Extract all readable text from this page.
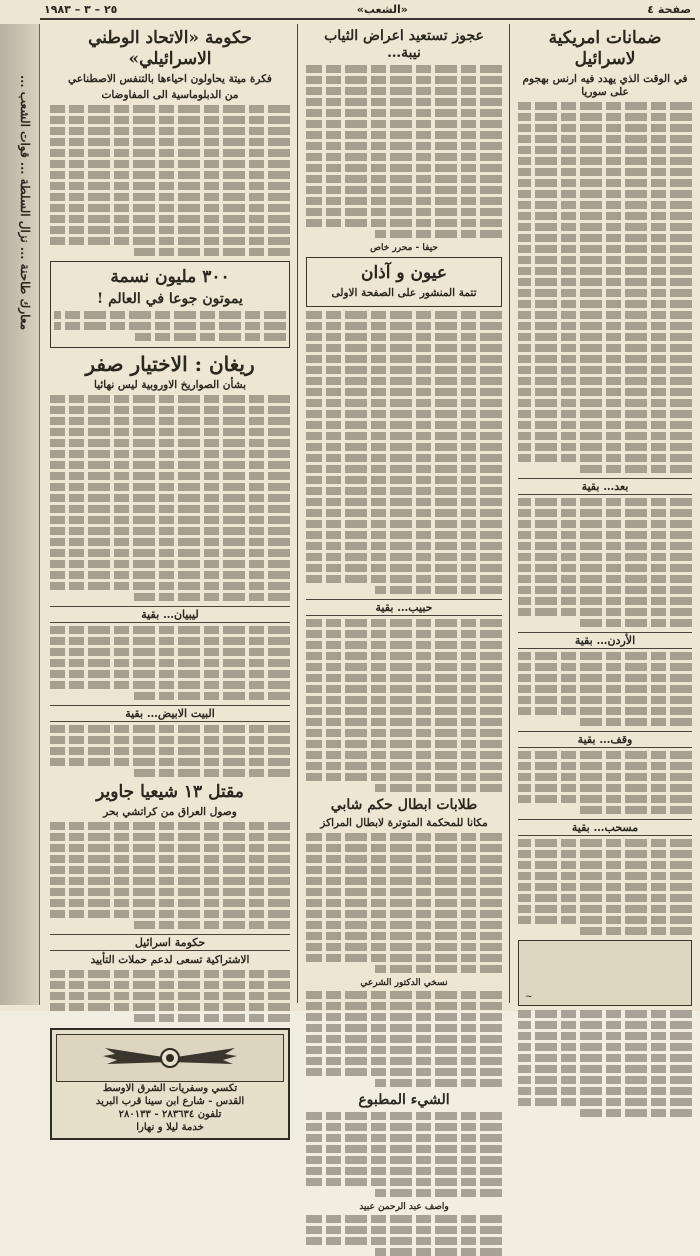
صفحة ٤
«الشعب»
٢٥ – ٣ – ١٩٨٣
معارك طاحنة ... نزال السلطة ... قوات الشعب ...
ضمانات امريكية لاسرائيل
في الوقت الذي يهدد فيه ارنس بهجوم على سوريا
بعد… بقية
الأردن… بقية
وقف… بقية
مسحب… بقية
~
عجوز تستعيد اعراض الثياب نيبة…
حيفا - محرر خاص
عيون و آذان
تتمة المنشور على الصفحة الاولى
حبيب… بقية
طلابات ابطال حكم شابي
مكانا للمحكمة المتوترة لابطال المراكز
نسخي الدكتور الشرعي
الشيء المطبوع
واصف عبد الرحمن عبيد
حكومة «الاتحاد الوطني الاسرائيلي»
فكرة ميتة يحاولون احياءها بالتنفس الاصطناعي
من الدبلوماسية الى المفاوضات
٣٠٠ مليون نسمة
يموتون جوعا في العالم !
ريغان : الاختيار صفر
بشأن الصواريخ الاوروبية ليس نهائيا
ليبيان… بقية
البيت الابيض… بقية
مقتل ١٣ شيعيا جاوير
وصول العراق من كراتشي بحر
حكومة اسرائيل
الاشتراكية تسعى لدعم حملات التأييد
تكسي وسفريات الشرق الاوسط
القدس - شارع ابن سينا قرب البريد
تلفون ٢٨٣٦٣٤ - ٢٨٠١٣٣
خدمة ليلا و نهارا
